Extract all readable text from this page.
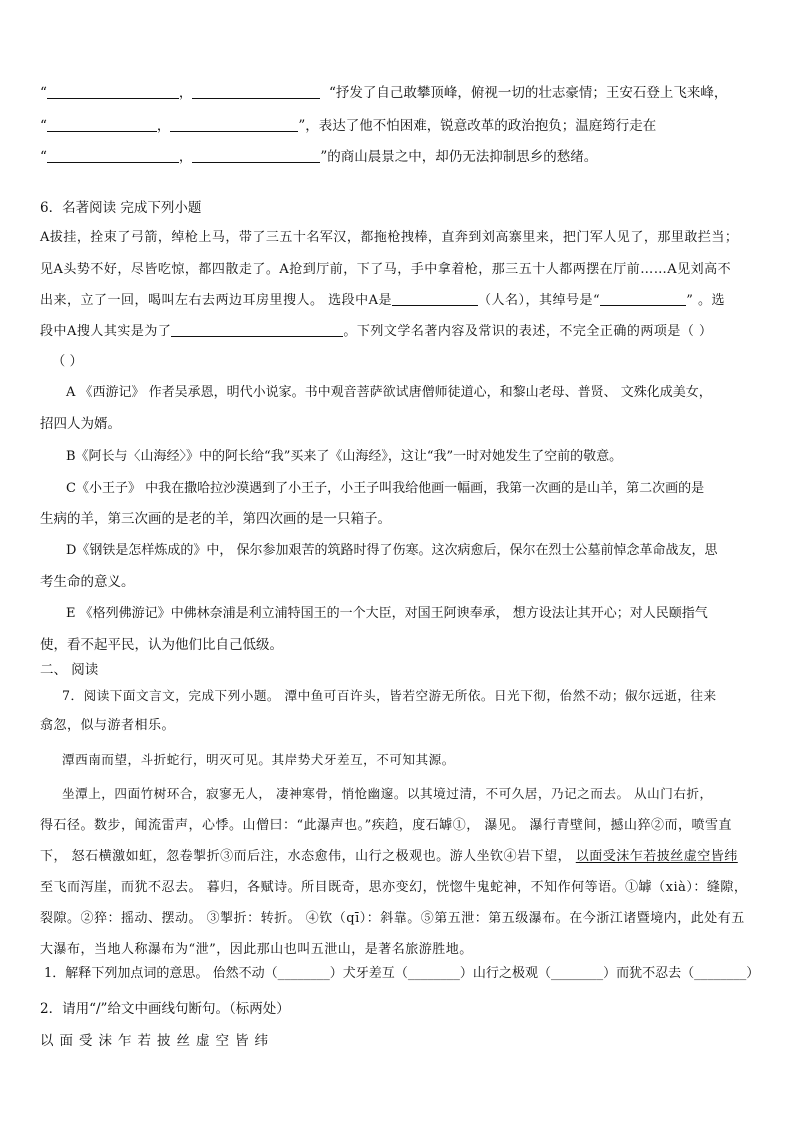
“	，	“抒发了自己敢攀顶峰，俯视一切的壮志豪情；王安石登上飞来峰，
“	，	”，表达了他不怕困难，锐意改革的政治抱负；温庭筠行走在
“	，	”的商山晨景之中，却仍无法抑制思乡的愁绪。
6．名著阅读 完成下列小题
A拔挂，拴束了弓箭，绰枪上马，带了三五十名军汉，都拖枪拽棒，直奔到刘高寨里来，把门军人见了，那里敢拦当；
见A头势不好，尽皆吃惊，都四散走了。A抢到厅前，下了马，手中拿着枪，那三五十人都两摆在厅前……A见刘高不
出来，立了一回，喝叫左右去两边耳房里搜人。 选段中A是	（人名），其绰号是“	” 。选
段中A搜人其实是为了	。下列文学名著内容及常识的表述，不完全正确的两项是（ ）
（ ）
A 《西游记》 作者吴承恩，明代小说家。书中观音菩萨欲试唐僧师徒道心，和黎山老母、普贤、 文殊化成美女，
招四人为婿。
B《阿长与〈山海经〉》中的阿长给“我”买来了《山海经》，这让“我”一时对她发生了空前的敬意。
C《小王子》 中我在撒哈拉沙漠遇到了小王子，小王子叫我给他画一幅画，我第一次画的是山羊，第二次画的是
生病的羊，第三次画的是老的羊，第四次画的是一只箱子。
D《钢铁是怎样炼成的》中， 保尔参加艰苦的筑路时得了伤寒。这次病愈后，保尔在烈士公墓前悼念革命战友，思
考生命的意义。
E 《格列佛游记》中佛林奈浦是利立浦特国王的一个大臣，对国王阿谀奉承， 想方设法让其开心；对人民颐指气
使，看不起平民，认为他们比自己低级。
二、 阅读
7．阅读下面文言文，完成下列小题。 潭中鱼可百许头，皆若空游无所依。日光下彻，佁然不动；俶尔远逝，往来
翕忽，似与游者相乐。
潭西南而望，斗折蛇行，明灭可见。其岸势犬牙差互，不可知其源。
坐潭上，四面竹树环合，寂寥无人， 凄神寒骨，悄怆幽邃。以其境过清，不可久居，乃记之而去。 从山门右折，
得石径。数步，闻流雷声，心悸。山僧曰：“此瀑声也。”疾趋，度石罅①， 瀑见。 瀑行青壁间，撼山猝②而，喷雪直
下， 怒石横激如虹，忽卷掣折③而后注，水态愈伟，山行之极观也。游人坐钦④岩下望， 以面受沫乍若披丝虚空皆纬
至飞而泻崖，而犹不忍去。 暮归，各赋诗。所目既奇，思亦变幻，恍惚牛鬼蛇神，不知作何等语。①罅（xià）：缝隙，
裂隙。②猝：摇动、摆动。 ③掣折：转折。 ④钦（qī）：斜靠。⑤第五泄：第五级瀑布。在今浙江诸暨境内，此处有五
大瀑布，当地人称瀑布为“泄”，因此那山也叫五泄山，是著名旅游胜地。
1．解释下列加点词的意思。 佁然不动（________）犬牙差互（________）山行之极观（________）而犹不忍去（________）
2．请用“/”给文中画线句断句。（标两处）
以面受沫乍若披丝虚空皆纬
